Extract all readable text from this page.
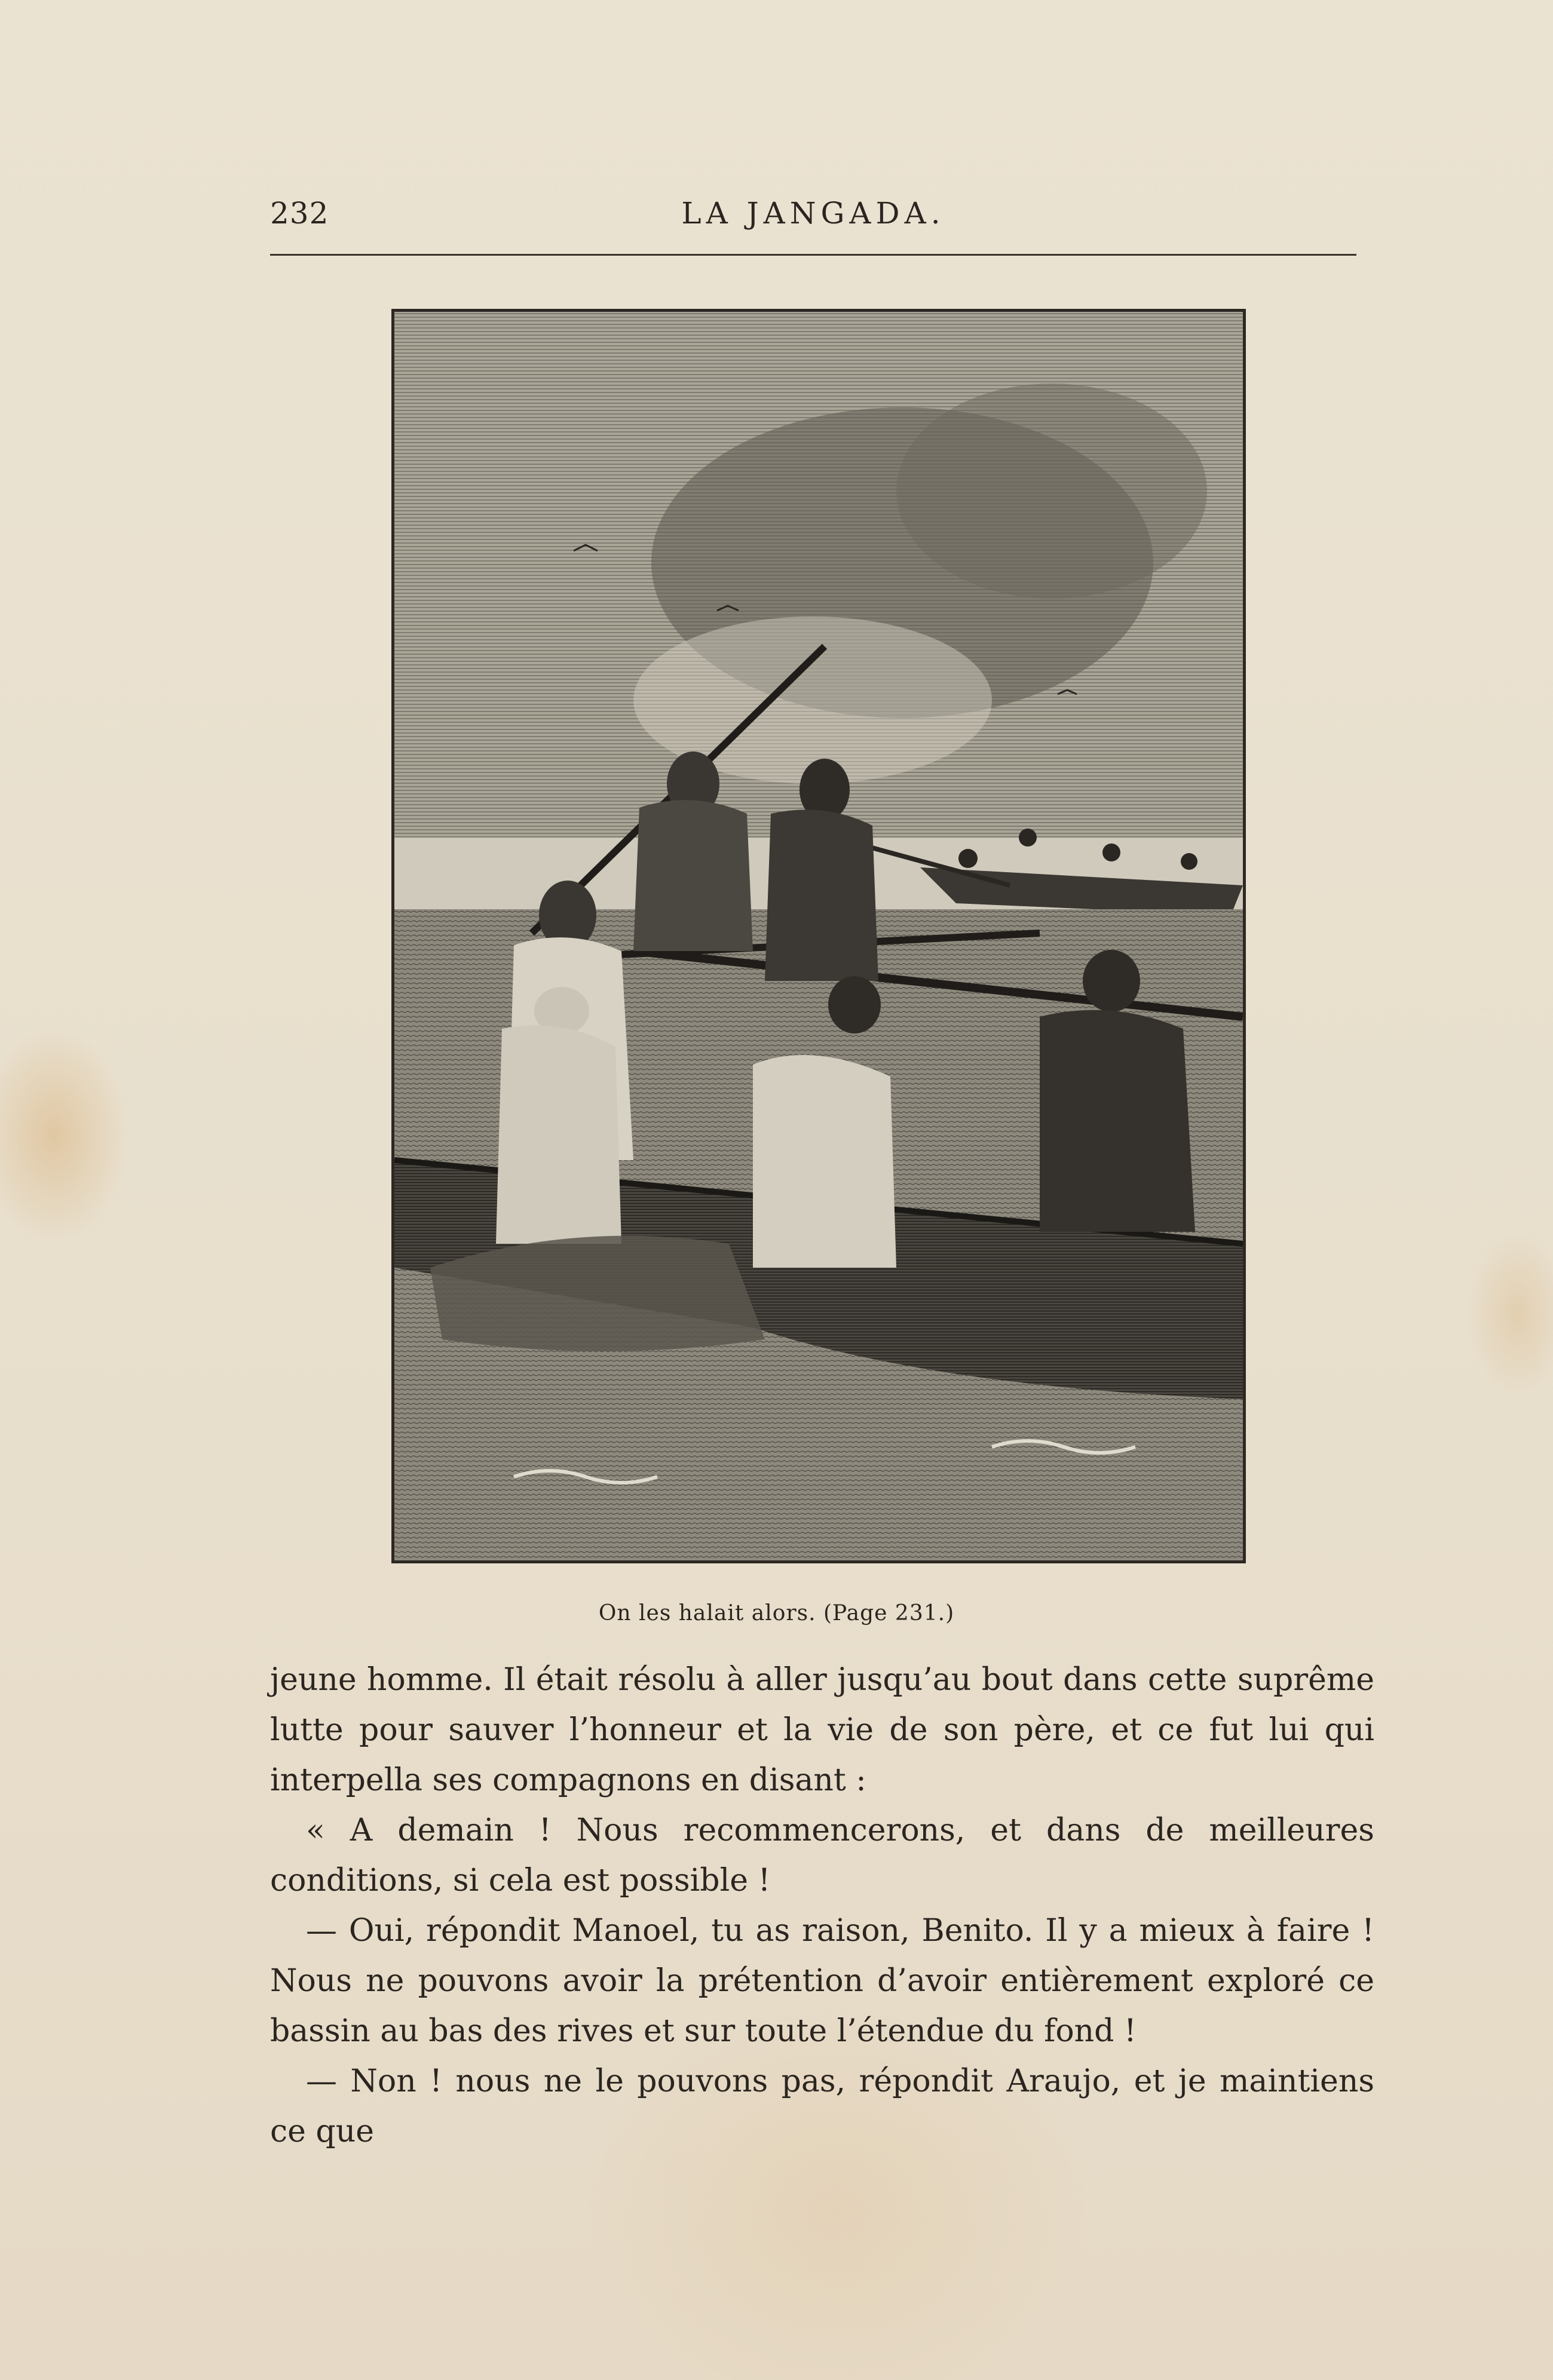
232	LA JANGADA.
On les halait alors. (Page 231.)

jeune homme. Il était résolu à aller jusqu’au bout dans cette suprême lutte pour sauver l’honneur et la vie de son père, et ce fut lui qui interpella ses compagnons en disant :

« A demain ! Nous recommencerons, et dans de meilleures conditions, si cela est possible !

— Oui, répondit Manoel, tu as raison, Benito. Il y a mieux à faire ! Nous ne pouvons avoir la prétention d’avoir entièrement exploré ce bassin au bas des rives et sur toute l’étendue du fond !

— Non ! nous ne le pouvons pas, répondit Araujo, et je maintiens ce que
